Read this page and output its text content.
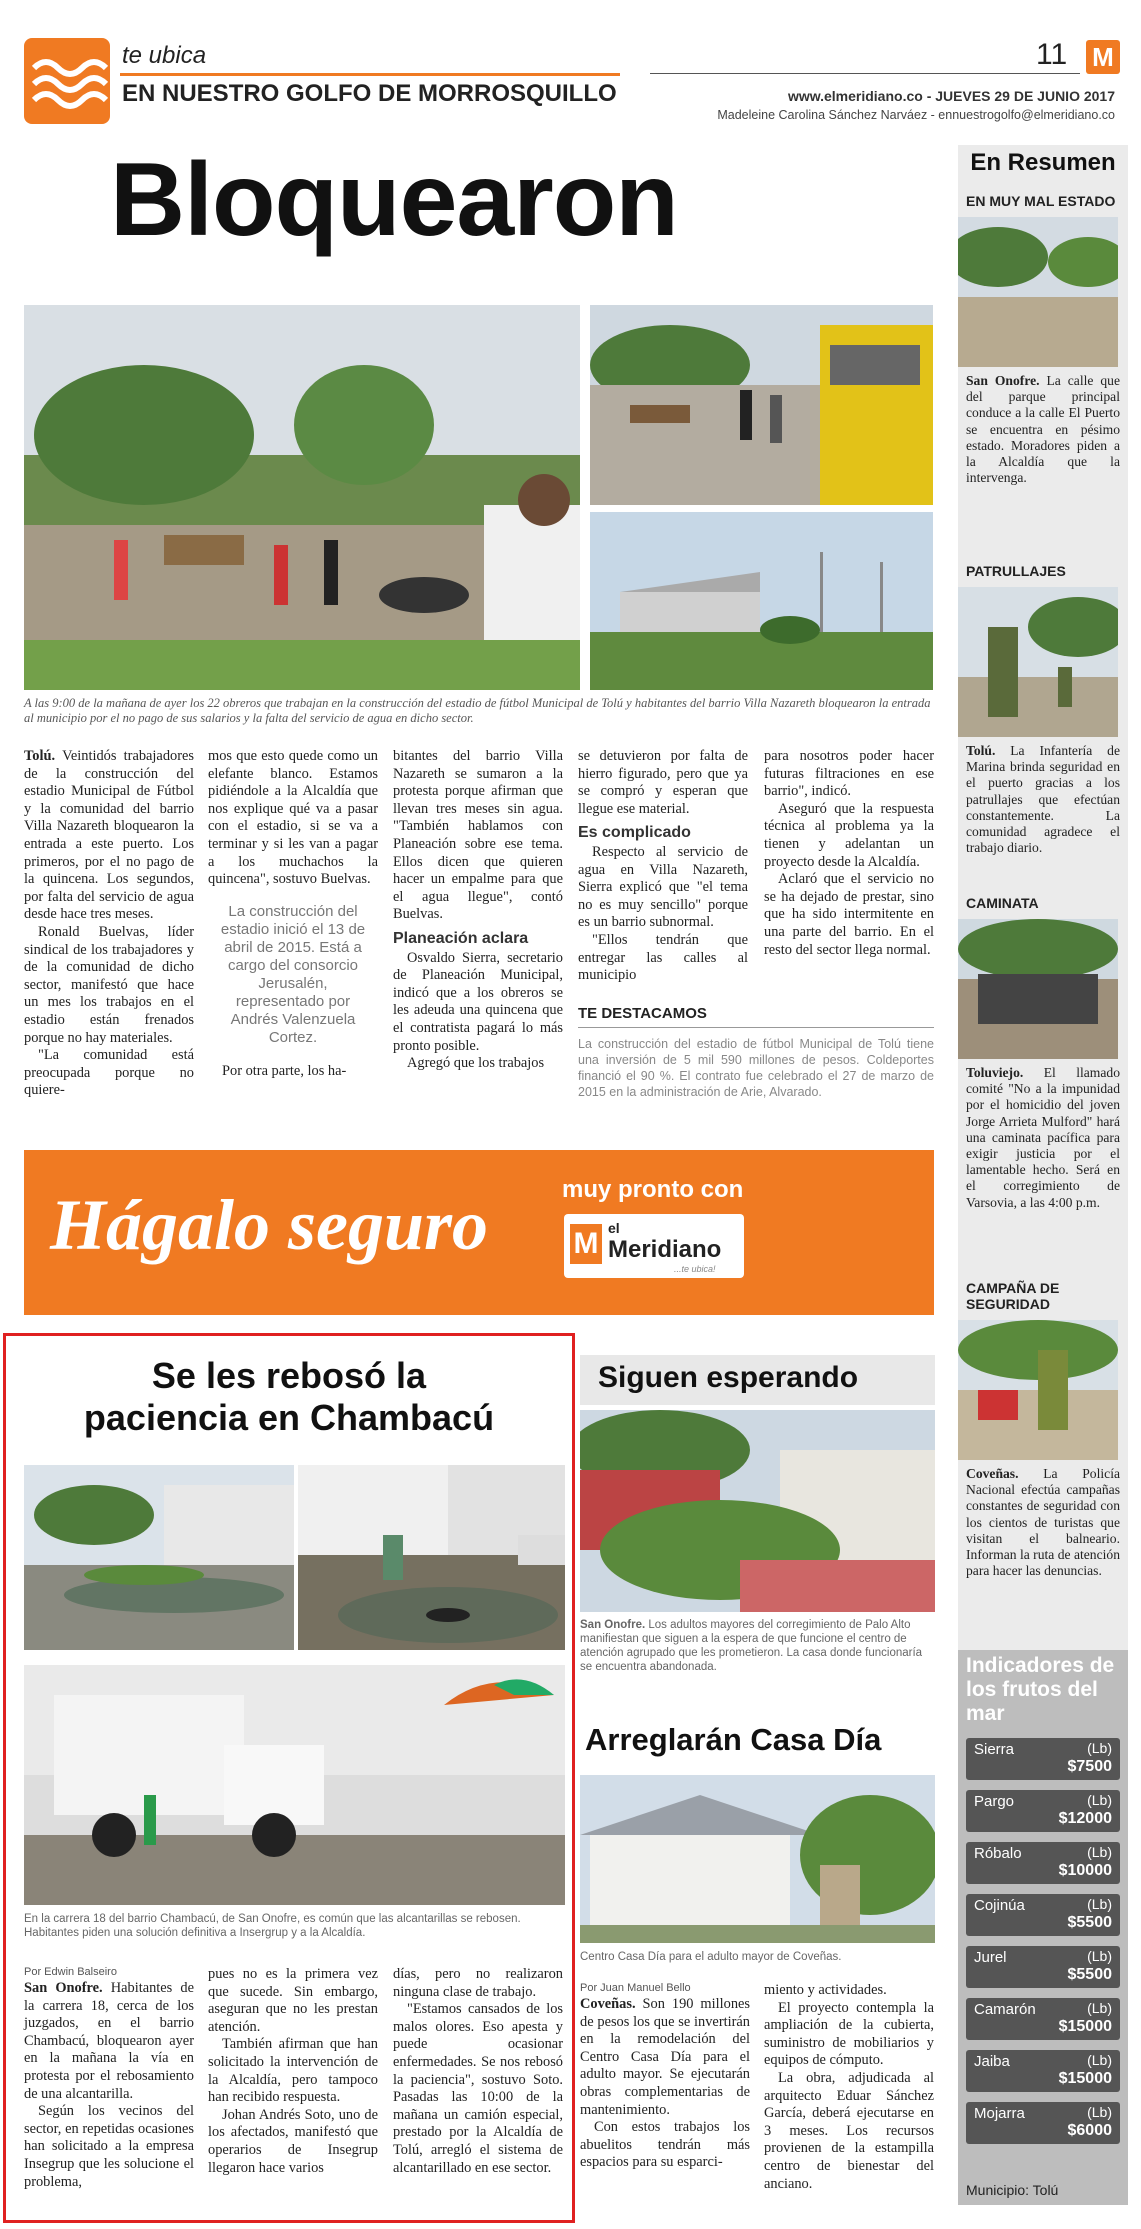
te ubica
EN NUESTRO GOLFO DE MORROSQUILLO
11 M
www.elmeridiano.co - JUEVES 29 DE JUNIO 2017
Madeleine Carolina Sánchez Narváez - ennuestrogolfo@elmeridiano.co
Bloquearon
A las 9:00 de la mañana de ayer los 22 obreros que trabajan en la construcción del estadio de fútbol Municipal de Tolú y habitantes del barrio Villa Nazareth bloquearon la entrada al municipio por el no pago de sus salarios y la falta del servicio de agua en dicho sector.

Tolú. Veintidós trabajadores de la construcción del estadio Municipal de Fútbol y la comunidad del barrio Villa Nazareth bloquearon la entrada a este puerto. Los primeros, por el no pago de la quincena. Los segundos, por falta del servicio de agua desde hace tres meses.

Ronald Buelvas, líder sindical de los trabajadores y de la comunidad de dicho sector, manifestó que hace un mes los trabajos en el estadio están frenados porque no hay materiales.

"La comunidad está preocupada porque no quiere-

mos que esto quede como un elefante blanco. Estamos pidiéndole a la Alcaldía que nos explique qué va a pasar con el estadio, si se va a terminar y si les van a pagar a los muchachos la quincena", sostuvo Buelvas.

La construcción del estadio inició el 13 de abril de 2015. Está a cargo del consorcio Jerusalén, representado por Andrés Valenzuela Cortez.

Por otra parte, los ha-

bitantes del barrio Villa Nazareth se sumaron a la protesta porque afirman que llevan tres meses sin agua. "También hablamos con Planeación sobre ese tema. Ellos dicen que quieren hacer un empalme para que el agua llegue", contó Buelvas.

Planeación aclara

Osvaldo Sierra, secretario de Planeación Municipal, indicó que a los obreros se les adeuda una quincena que el contratista pagará lo más pronto posible.

Agregó que los trabajos

se detuvieron por falta de hierro figurado, pero que ya se compró y esperan que llegue ese material.

Es complicado

Respecto al servicio de agua en Villa Nazareth, Sierra explicó que "el tema no es muy sencillo" porque es un barrio subnormal.

"Ellos tendrán que entregar las calles al municipio

para nosotros poder hacer futuras filtraciones en ese barrio", indicó.

Aseguró que la respuesta técnica al problema ya la tienen y adelantan un proyecto desde la Alcaldía.

Aclaró que el servicio no se ha dejado de prestar, sino que ha sido intermitente en una parte del barrio. En el resto del sector llega normal.

TE DESTACAMOS
La construcción del estadio de fútbol Municipal de Tolú tiene una inversión de 5 mil 590 millones de pesos. Coldeportes financió el 90 %. El contrato fue celebrado el 27 de marzo de 2015 en la administración de Arie, Alvarado.
Hágalo seguro	muy pronto con
M el
Meridiano
...te ubica!
Se les rebosó la
paciencia en Chambacú
En la carrera 18 del barrio Chambacú, de San Onofre, es común que las alcantarillas se rebosen. Habitantes piden una solución definitiva a Insergrup y a la Alcaldía.
Por Edwin Balseiro

San Onofre. Habitantes de la carrera 18, cerca de los juzgados, en el barrio Chambacú, bloquearon ayer en la mañana la vía en protesta por el rebosamiento de una alcantarilla.

Según los vecinos del sector, en repetidas ocasiones han solicitado a la empresa Insegrup que les solucione el problema,

pues no es la primera vez que sucede. Sin embargo, aseguran que no les prestan atención.

También afirman que han solicitado la intervención de la Alcaldía, pero tampoco han recibido respuesta.

Johan Andrés Soto, uno de los afectados, manifestó que operarios de Insegrup llegaron hace varios

días, pero no realizaron ninguna clase de trabajo.

"Estamos cansados de los malos olores. Eso apesta y puede ocasionar enfermedades. Se nos rebosó la paciencia", sostuvo Soto. Pasadas las 10:00 de la mañana un camión especial, prestado por la Alcaldía de Tolú, arregló el sistema de alcantarillado en ese sector.

Siguen esperando
San Onofre. Los adultos mayores del corregimiento de Palo Alto manifiestan que siguen a la espera de que funcione el centro de atención agrupado que les prometieron. La casa donde funcionaría se encuentra abandonada.
Arreglarán Casa Día
Centro Casa Día para el adulto mayor de Coveñas.
Por Juan Manuel Bello

Coveñas. Son 190 millones de pesos los que se invertirán en la remodelación del Centro Casa Día para el adulto mayor. Se ejecutarán obras complementarias de mantenimiento.

Con estos trabajos los abuelitos tendrán más espacios para su esparci-

miento y actividades.

El proyecto contempla la ampliación de la cubierta, suministro de mobiliarios y equipos de cómputo.

La obra, adjudicada al arquitecto Eduar Sánchez García, deberá ejecutarse en 3 meses. Los recursos provienen de la estampilla centro de bienestar del anciano.

En Resumen
EN MUY MAL ESTADO
San Onofre. La calle que del parque principal conduce a la calle El Puerto se encuentra en pésimo estado. Moradores piden a la Alcaldía que la intervenga.
PATRULLAJES
Tolú. La Infantería de Marina brinda seguridad en el puerto gracias a los patrullajes que efectúan constantemente. La comunidad agradece el trabajo diario.
CAMINATA
Toluviejo. El llamado comité "No a la impunidad por el homicidio del joven Jorge Arrieta Mulford" hará una caminata pacífica para exigir justicia por el lamentable hecho. Será en el corregimiento de Varsovia, a las 4:00 p.m.
CAMPAÑA DE SEGURIDAD
Coveñas. La Policía Nacional efectúa campañas constantes de seguridad con los cientos de turistas que visitan el balneario. Informan la ruta de atención para hacer las denuncias.
Indicadores de los frutos del mar
Sierra	(Lb)
$7500
Pargo	(Lb)
$12000
Róbalo	(Lb)
$10000
Cojinúa	(Lb)
$5500
Jurel	(Lb)
$5500
Camarón	(Lb)
$15000
Jaiba	(Lb)
$15000
Mojarra	(Lb)
$6000
Municipio: Tolú
